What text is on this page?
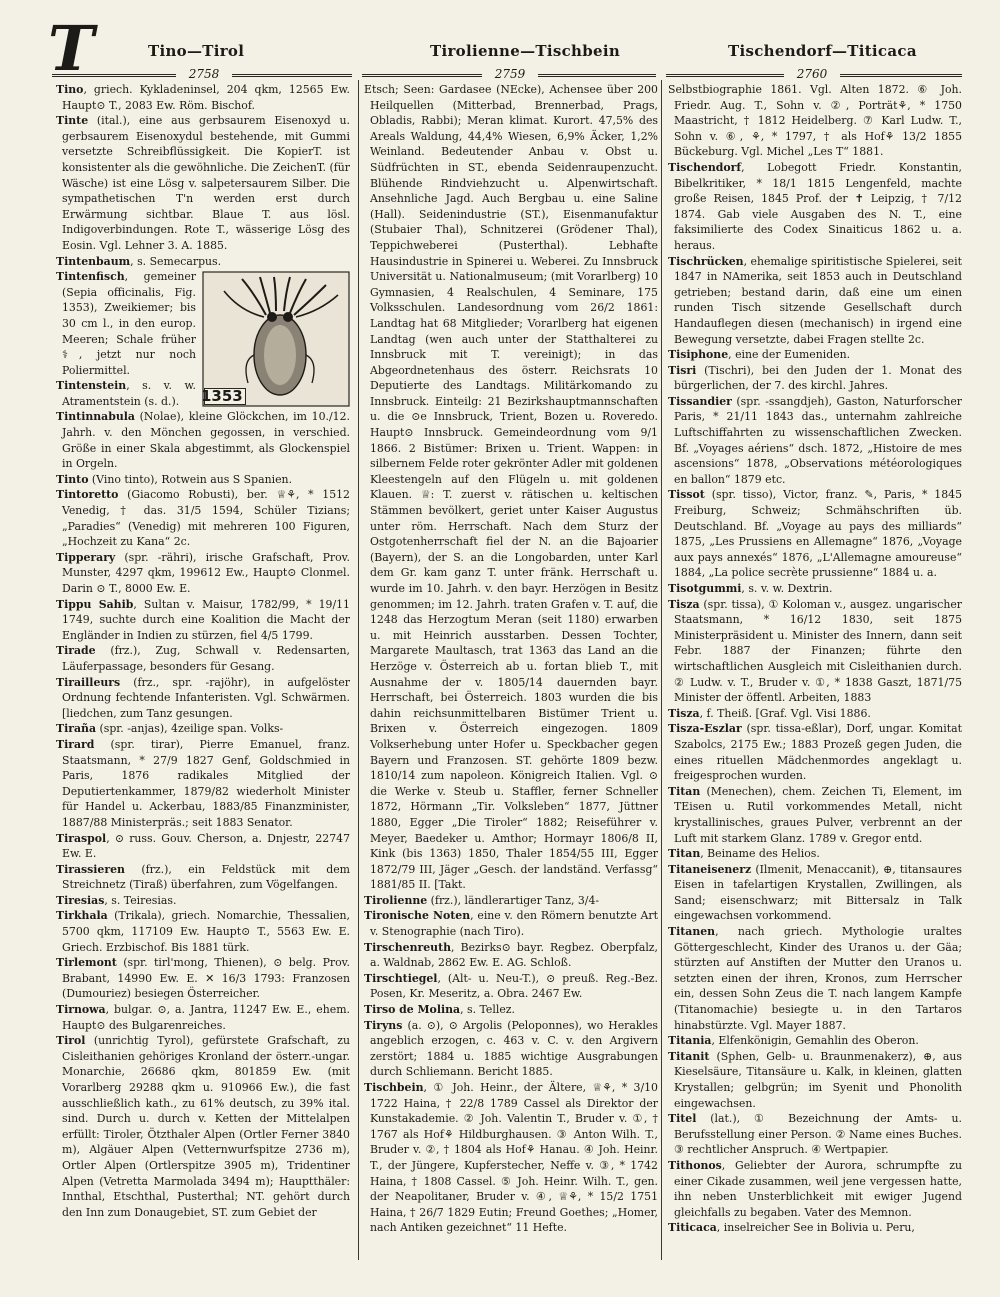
T	Tino—Tirol	Tirolienne—Tischbein	Tischendorf—Titicaca
2758	2759	2760

Tino, griech. Kykladeninsel, 204 qkm, 12565 Ew. Haupt⊙ T., 2083 Ew. Röm. Bischof.

Tinte (ital.), eine aus gerbsaurem Eisenoxyd u. gerbsaurem Eisenoxydul bestehende, mit Gummi versetzte Schreibflüssigkeit. Die KopierT. ist konsistenter als die gewöhnliche. Die ZeichenT. (für Wäsche) ist eine Lösg v. salpetersaurem Silber. Die sympathetischen T'n werden erst durch Erwärmung sichtbar. Blaue T. aus lösl. Indigoverbindungen. Rote T., wässerige Lösg des Eosin. Vgl. Lehner 3. A. 1885.

Tintenbaum, s. Semecarpus.

1353
Tintenfisch, gemeiner (Sepia officinalis, Fig. 1353), Zweikiemer; bis 30 cm l., in den europ. Meeren; Schale früher ⚕, jetzt nur noch Poliermittel.

Tintenstein, s. v. w. Atramentstein (s. d.).

Tintinnabula (Nolae), kleine Glöckchen, im 10./12. Jahrh. v. den Mönchen gegossen, in verschied. Größe in einer Skala abgestimmt, als Glockenspiel in Orgeln.

Tinto (Vino tinto), Rotwein aus S Spanien.

Tintoretto (Giacomo Robusti), ber. ♕⚘, * 1512 Venedig, † das. 31/5 1594, Schüler Tizians; „Paradies“ (Venedig) mit mehreren 100 Figuren, „Hochzeit zu Kana“ 2c.

Tipperary (spr. -rähri), irische Grafschaft, Prov. Munster, 4297 qkm, 199612 Ew., Haupt⊙ Clonmel. Darin ⊙ T., 8000 Ew. E.

Tippu Sahib, Sultan v. Maisur, 1782/99, * 19/11 1749, suchte durch eine Koalition die Macht der Engländer in Indien zu stürzen, fiel 4/5 1799.

Tirade (frz.), Zug, Schwall v. Redensarten, Läuferpassage, besonders für Gesang.

Tirailleurs (frz., spr. -rajöhr), in aufgelöster Ordnung fechtende Infanteristen. Vgl. Schwärmen. [liedchen, zum Tanz gesungen.

Tiraña (spr. -anjas), 4zeilige span. Volks-

Tirard (spr. tirar), Pierre Emanuel, franz. Staatsmann, * 27/9 1827 Genf, Goldschmied in Paris, 1876 radikales Mitglied der Deputiertenkammer, 1879/82 wiederholt Minister für Handel u. Ackerbau, 1883/85 Finanzminister, 1887/88 Ministerpräs.; seit 1883 Senator.

Tiraspol, ⊙ russ. Gouv. Cherson, a. Dnjestr, 22747 Ew. E.

Tirassieren (frz.), ein Feldstück mit dem Streichnetz (Tiraß) überfahren, zum Vögelfangen.

Tiresias, s. Teiresias.

Tirkhala (Trikala), griech. Nomarchie, Thessalien, 5700 qkm, 117109 Ew. Haupt⊙ T., 5563 Ew. E. Griech. Erzbischof. Bis 1881 türk.

Tirlemont (spr. tirl'mong, Thienen), ⊙ belg. Prov. Brabant, 14990 Ew. E. ✕ 16/3 1793: Franzosen (Dumouriez) besiegen Österreicher.

Tirnowa, bulgar. ⊙, a. Jantra, 11247 Ew. E., ehem. Haupt⊙ des Bulgarenreiches.

Tirol (unrichtig Tyrol), gefürstete Grafschaft, zu Cisleithanien gehöriges Kronland der österr.-ungar. Monarchie, 26686 qkm, 801859 Ew. (mit Vorarlberg 29288 qkm u. 910966 Ew.), die fast ausschließlich kath., zu 61% deutsch, zu 39% ital. sind. Durch u. durch v. Ketten der Mittelalpen erfüllt: Tiroler, Ötzthaler Alpen (Ortler Ferner 3840 m), Algäuer Alpen (Vetternwurfspitze 2736 m), Ortler Alpen (Ortlerspitze 3905 m), Tridentiner Alpen (Vetretta Marmolada 3494 m); Hauptthäler: Innthal, Etschthal, Pusterthal; NT. gehört durch den Inn zum Donaugebiet, ST. zum Gebiet der

Etsch; Seen: Gardasee (NEcke), Achensee über 200 Heilquellen (Mitterbad, Brennerbad, Prags, Obladis, Rabbi); Meran klimat. Kurort. 47,5% des Areals Waldung, 44,4% Wiesen, 6,9% Äcker, 1,2% Weinland. Bedeutender Anbau v. Obst u. Südfrüchten in ST., ebenda Seidenraupenzucht. Blühende Rindviehzucht u. Alpenwirtschaft. Ansehnliche Jagd. Auch Bergbau u. eine Saline (Hall). Seidenindustrie (ST.), Eisenmanufaktur (Stubaier Thal), Schnitzerei (Grödener Thal), Teppichweberei (Pusterthal). Lebhafte Hausindustrie in Spinerei u. Weberei. Zu Innsbruck Universität u. Nationalmuseum; (mit Vorarlberg) 10 Gymnasien, 4 Realschulen, 4 Seminare, 175 Volksschulen. Landesordnung vom 26/2 1861: Landtag hat 68 Mitglieder; Vorarlberg hat eigenen Landtag (wen auch unter der Statthalterei zu Innsbruck mit T. vereinigt); in das Abgeordnetenhaus des österr. Reichsrats 10 Deputierte des Landtags. Militärkomando zu Innsbruck. Einteilg: 21 Bezirkshauptmannschaften u. die ⊙e Innsbruck, Trient, Bozen u. Roveredo. Haupt⊙ Innsbruck. Gemeindeordnung vom 9/1 1866. 2 Bistümer: Brixen u. Trient. Wappen: in silbernem Felde roter gekrönter Adler mit goldenen Kleestengeln auf den Flügeln u. mit goldenen Klauen. ♕: T. zuerst v. rätischen u. keltischen Stämmen bevölkert, geriet unter Kaiser Augustus unter röm. Herrschaft. Nach dem Sturz der Ostgotenherrschaft fiel der N. an die Bajoarier (Bayern), der S. an die Longobarden, unter Karl dem Gr. kam ganz T. unter fränk. Herrschaft u. wurde im 10. Jahrh. v. den bayr. Herzögen in Besitz genommen; im 12. Jahrh. traten Grafen v. T. auf, die 1248 das Herzogtum Meran (seit 1180) erwarben u. mit Heinrich ausstarben. Dessen Tochter, Margarete Maultasch, trat 1363 das Land an die Herzöge v. Österreich ab u. fortan blieb T., mit Ausnahme der v. 1805/14 dauernden bayr. Herrschaft, bei Österreich. 1803 wurden die bis dahin reichsunmittelbaren Bistümer Trient u. Brixen v. Österreich eingezogen. 1809 Volkserhebung unter Hofer u. Speckbacher gegen Bayern und Franzosen. ST. gehörte 1809 bezw. 1810/14 zum napoleon. Königreich Italien. Vgl. ⊙ die Werke v. Steub u. Staffler, ferner Schneller 1872, Hörmann „Tir. Volksleben“ 1877, Jüttner 1880, Egger „Die Tiroler“ 1882; Reiseführer v. Meyer, Baedeker u. Amthor; Hormayr 1806/8 II, Kink (bis 1363) 1850, Thaler 1854/55 III, Egger 1872/79 III, Jäger „Gesch. der landständ. Verfassg“ 1881/85 II. [Takt.

Tirolienne (frz.), ländlerartiger Tanz, 3/4-

Tironische Noten, eine v. den Römern benutzte Art v. Stenographie (nach Tiro).

Tirschenreuth, Bezirks⊙ bayr. Regbez. Oberpfalz, a. Waldnab, 2862 Ew. E. AG. Schloß.

Tirschtiegel, (Alt- u. Neu-T.), ⊙ preuß. Reg.-Bez. Posen, Kr. Meseritz, a. Obra. 2467 Ew.

Tirso de Molina, s. Tellez.

Tiryns (a. ⊙), ⊙ Argolis (Peloponnes), wo Herakles angeblich erzogen, c. 463 v. C. v. den Argivern zerstört; 1884 u. 1885 wichtige Ausgrabungen durch Schliemann. Bericht 1885.

Tischbein, ① Joh. Heinr., der Ältere, ♕⚘, * 3/10 1722 Haina, † 22/8 1789 Cassel als Direktor der Kunstakademie. ② Joh. Valentin T., Bruder v. ①, † 1767 als Hof⚘ Hildburghausen. ③ Anton Wilh. T., Bruder v. ②, † 1804 als Hof⚘ Hanau. ④ Joh. Heinr. T., der Jüngere, Kupferstecher, Neffe v. ③, * 1742 Haina, † 1808 Cassel. ⑤ Joh. Heinr. Wilh. T., gen. der Neapolitaner, Bruder v. ④, ♕⚘, * 15/2 1751 Haina, † 26/7 1829 Eutin; Freund Goethes; „Homer, nach Antiken gezeichnet“ 11 Hefte.

Selbstbiographie 1861. Vgl. Alten 1872. ⑥ Joh. Friedr. Aug. T., Sohn v. ②, Porträt⚘, * 1750 Maastricht, † 1812 Heidelberg. ⑦ Karl Ludw. T., Sohn v. ⑥, ⚘, * 1797, † als Hof⚘ 13/2 1855 Bückeburg. Vgl. Michel „Les T“ 1881.

Tischendorf, Lobegott Friedr. Konstantin, Bibelkritiker, * 18/1 1815 Lengenfeld, machte große Reisen, 1845 Prof. der ✝ Leipzig, † 7/12 1874. Gab viele Ausgaben des N. T., eine faksimilierte des Codex Sinaiticus 1862 u. a. heraus.

Tischrücken, ehemalige spiritistische Spielerei, seit 1847 in NAmerika, seit 1853 auch in Deutschland getrieben; bestand darin, daß eine um einen runden Tisch sitzende Gesellschaft durch Handauflegen diesen (mechanisch) in irgend eine Bewegung versetzte, dabei Fragen stellte 2c.

Tisiphone, eine der Eumeniden.

Tisri (Tischri), bei den Juden der 1. Monat des bürgerlichen, der 7. des kirchl. Jahres.

Tissandier (spr. -ssangdjeh), Gaston, Naturforscher Paris, * 21/11 1843 das., unternahm zahlreiche Luftschiffahrten zu wissenschaftlichen Zwecken. Bf. „Voyages aériens“ dsch. 1872, „Histoire de mes ascensions“ 1878, „Observations météorologiques en ballon“ 1879 etc.

Tissot (spr. tisso), Victor, franz. ✎, Paris, * 1845 Freiburg, Schweiz; Schmähschriften üb. Deutschland. Bf. „Voyage au pays des milliards“ 1875, „Les Prussiens en Allemagne“ 1876, „Voyage aux pays annexés“ 1876, „L'Allemagne amoureuse“ 1884, „La police secrète prussienne“ 1884 u. a.

Tisotgummi, s. v. w. Dextrin.

Tisza (spr. tissa), ① Koloman v., ausgez. ungarischer Staatsmann, * 16/12 1830, seit 1875 Ministerpräsident u. Minister des Innern, dann seit Febr. 1887 der Finanzen; führte den wirtschaftlichen Ausgleich mit Cisleithanien durch. ② Ludw. v. T., Bruder v. ①, * 1838 Gaszt, 1871/75 Minister der öffentl. Arbeiten, 1883

Tisza, f. Theiß. [Graf. Vgl. Visi 1886.

Tisza-Eszlar (spr. tissa-eßlar), Dorf, ungar. Komitat Szabolcs, 2175 Ew.; 1883 Prozeß gegen Juden, die eines rituellen Mädchenmordes angeklagt u. freigesprochen wurden.

Titan (Menechen), chem. Zeichen Ti, Element, im TEisen u. Rutil vorkommendes Metall, nicht krystallinisches, graues Pulver, verbrennt an der Luft mit starkem Glanz. 1789 v. Gregor entd.

Titan, Beiname des Helios.

Titaneisenerz (Ilmenit, Menaccanit), ⊕, titansaures Eisen in tafelartigen Krystallen, Zwillingen, als Sand; eisenschwarz; mit Bittersalz in Talk eingewachsen vorkommend.

Titanen, nach griech. Mythologie uraltes Göttergeschlecht, Kinder des Uranos u. der Gäa; stürzten auf Anstiften der Mutter den Uranos u. setzten einen der ihren, Kronos, zum Herrscher ein, dessen Sohn Zeus die T. nach langem Kampfe (Titanomachie) besiegte u. in den Tartaros hinabstürzte. Vgl. Mayer 1887.

Titania, Elfenkönigin, Gemahlin des Oberon.

Titanit (Sphen, Gelb- u. Braunmenakerz), ⊕, aus Kieselsäure, Titansäure u. Kalk, in kleinen, glatten Krystallen; gelbgrün; im Syenit und Phonolith eingewachsen.

Titel (lat.), ① Bezeichnung der Amts- u. Berufsstellung einer Person. ② Name eines Buches. ③ rechtlicher Anspruch. ④ Wertpapier.

Tithonos, Geliebter der Aurora, schrumpfte zu einer Cikade zusammen, weil jene vergessen hatte, ihn neben Unsterblichkeit mit ewiger Jugend gleichfalls zu begaben. Vater des Memnon.

Titicaca, inselreicher See in Bolivia u. Peru,
